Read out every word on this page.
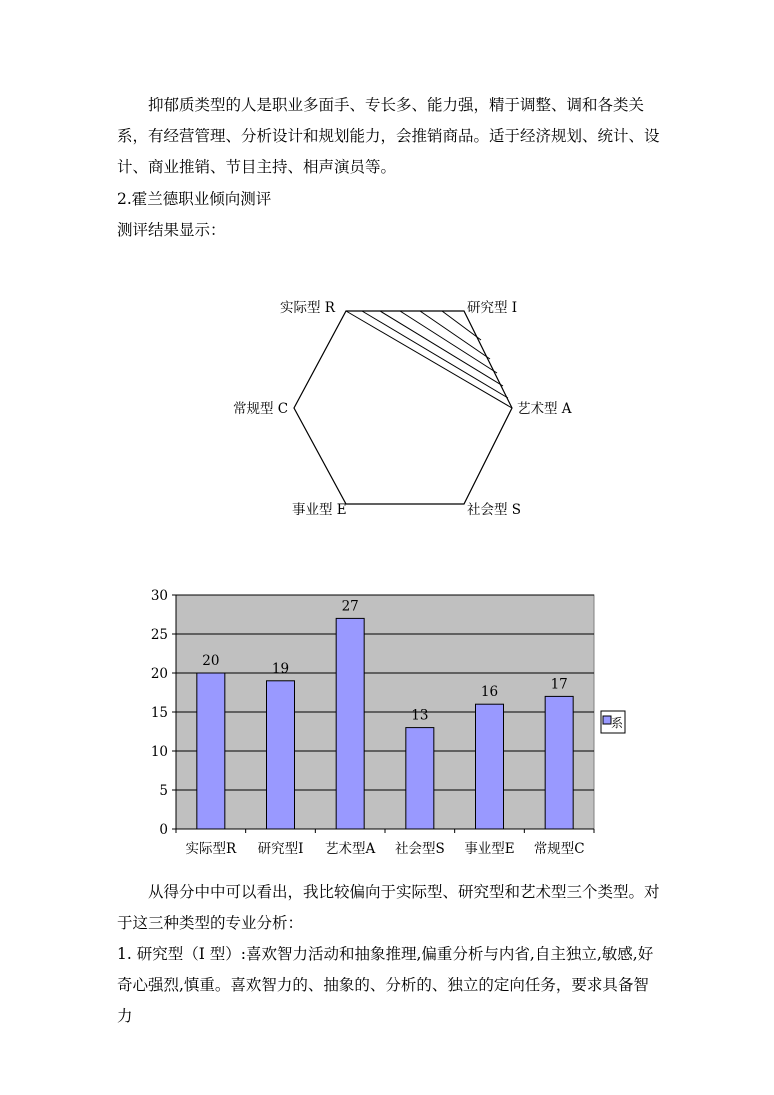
抑郁质类型的人是职业多面手、专长多、能力强，精于调整、调和各类关系，有经营管理、分析设计和规划能力，会推销商品。适于经济规划、统计、设计、商业推销、节目主持、相声演员等。

2.霍兰德职业倾向测评

测评结果显示：

实际型 R	研究型 I
艺术型 A
社会型 S
事业型 E
常规型 C
0
5
10
15
20
25
30
20
实际型R
19
研究型I
27
艺术型A
13
社会型S
16
事业型E
17
常规型C
系

从得分中中可以看出，我比较偏向于实际型、研究型和艺术型三个类型。对于这三种类型的专业分析：

1. 研究型（I 型）:喜欢智力活动和抽象推理,偏重分析与内省,自主独立,敏感,好奇心强烈,慎重。喜欢智力的、抽象的、分析的、独立的定向任务，要求具备智力
